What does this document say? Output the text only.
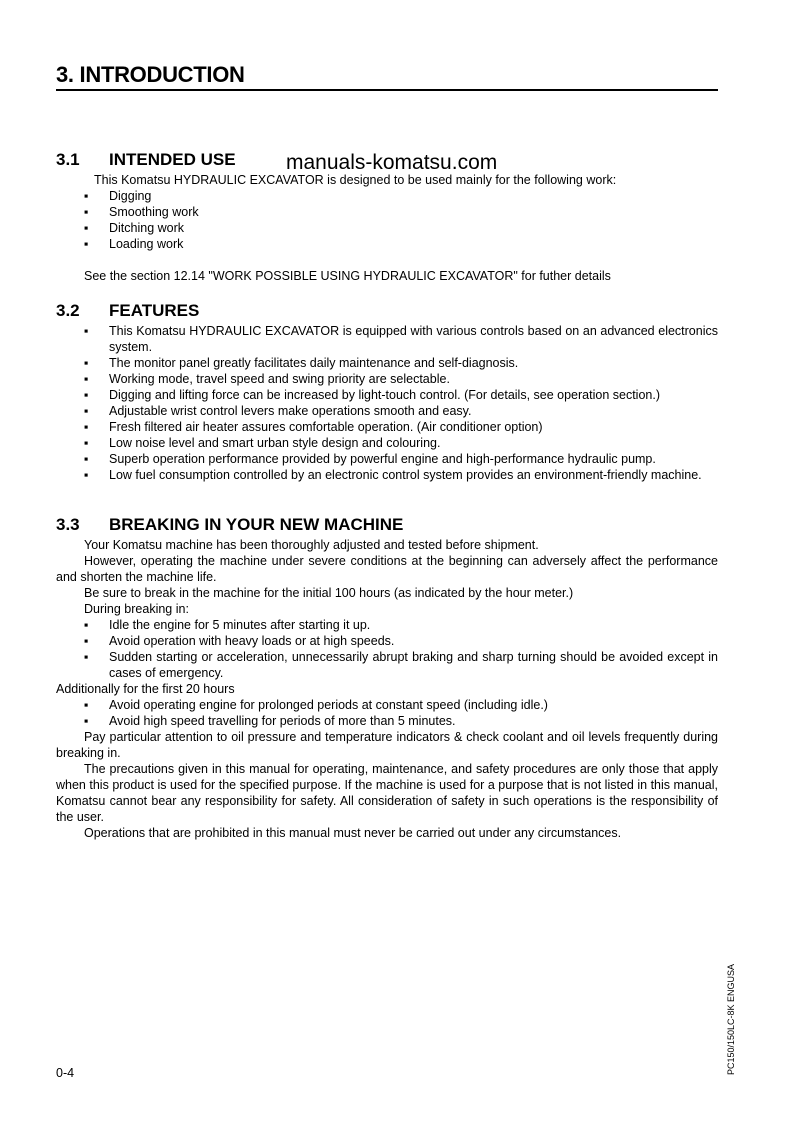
3. INTRODUCTION
3.1 INTENDED USE manuals-komatsu.com

This Komatsu HYDRAULIC EXCAVATOR is designed to be used mainly for the following work:

▪ Digging
▪ Smoothing work
▪ Ditching work
▪ Loading work

See the section 12.14 "WORK POSSIBLE USING HYDRAULIC EXCAVATOR" for futher details

3.2 FEATURES
▪ This Komatsu HYDRAULIC EXCAVATOR is equipped with various controls based on an advanced electronics system.
▪ The monitor panel greatly facilitates daily maintenance and self-diagnosis.
▪ Working mode, travel speed and swing priority are selectable.
▪ Digging and lifting force can be increased by light-touch control. (For details, see operation section.)
▪ Adjustable wrist control levers make operations smooth and easy.
▪ Fresh filtered air heater assures comfortable operation. (Air conditioner option)
▪ Low noise level and smart urban style design and colouring.
▪ Superb operation performance provided by powerful engine and high-performance hydraulic pump.
▪ Low fuel consumption controlled by an electronic control system provides an environment-friendly machine.
3.3 BREAKING IN YOUR NEW MACHINE

Your Komatsu machine has been thoroughly adjusted and tested before shipment.

However, operating the machine under severe conditions at the beginning can adversely affect the performance and shorten the machine life.

Be sure to break in the machine for the initial 100 hours (as indicated by the hour meter.)

During breaking in:

▪ Idle the engine for 5 minutes after starting it up.
▪ Avoid operation with heavy loads or at high speeds.
▪ Sudden starting or acceleration, unnecessarily abrupt braking and sharp turning should be avoided except in cases of emergency.

Additionally for the first 20 hours

▪ Avoid operating engine for prolonged periods at constant speed (including idle.)
▪ Avoid high speed travelling for periods of more than 5 minutes.

Pay particular attention to oil pressure and temperature indicators & check coolant and oil levels frequently during breaking in.

The precautions given in this manual for operating, maintenance, and safety procedures are only those that apply when this product is used for the specified purpose. If the machine is used for a purpose that is not listed in this manual, Komatsu cannot bear any responsibility for safety. All consideration of safety in such operations is the responsibility of the user.

Operations that are prohibited in this manual must never be carried out under any circumstances.

PC150/150LC-8K ENGUSA
0-4
